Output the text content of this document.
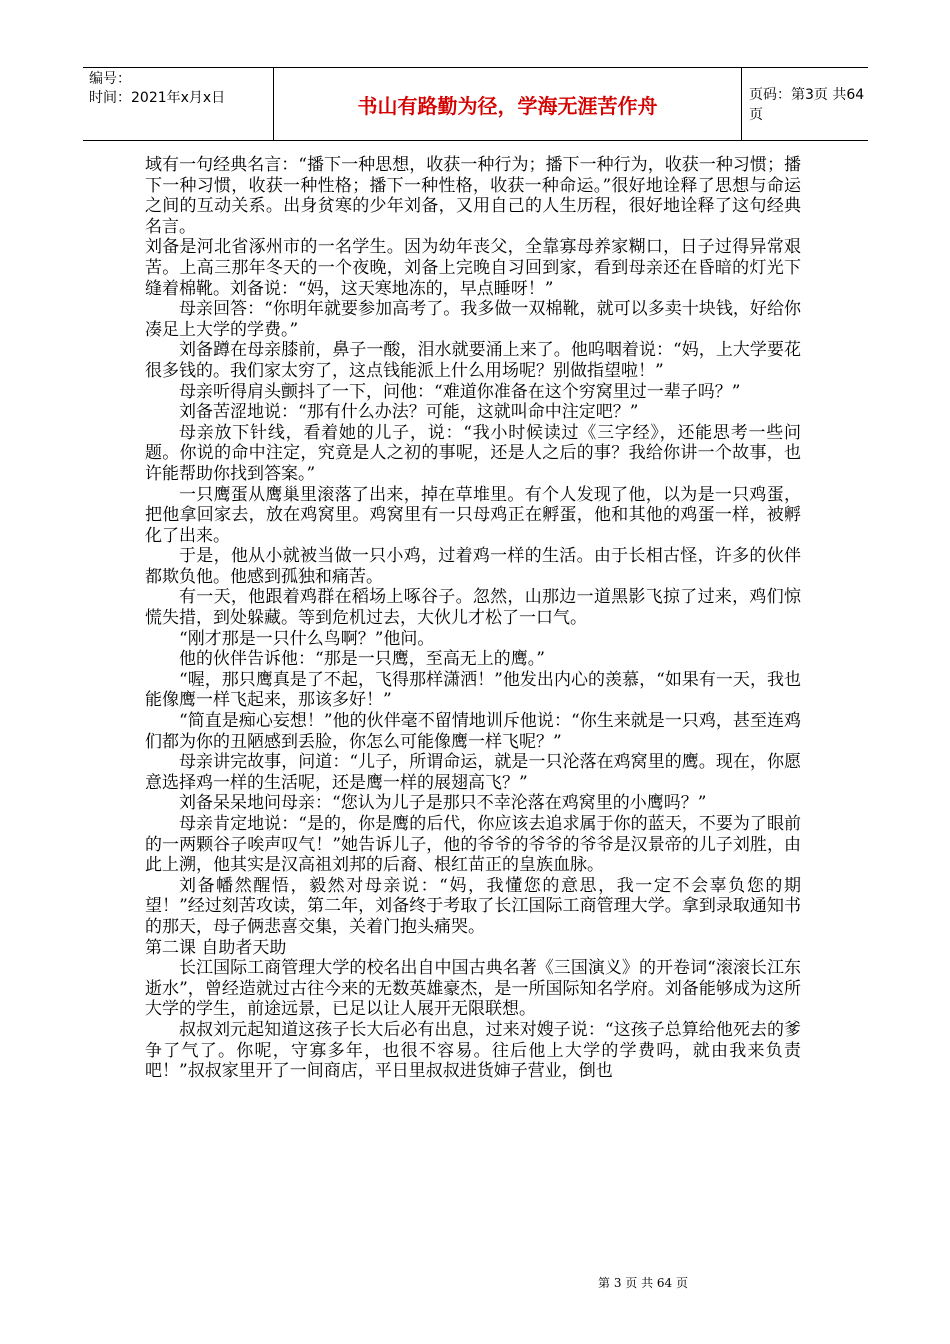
编号：
时间：2021年x月x日	书山有路勤为径，学海无涯苦作舟	页码：第3页 共64页

域有一句经典名言：“播下一种思想，收获一种行为；播下一种行为，收获一种习惯；播下一种习惯，收获一种性格；播下一种性格，收获一种命运。”很好地诠释了思想与命运之间的互动关系。出身贫寒的少年刘备，又用自己的人生历程，很好地诠释了这句经典名言。

刘备是河北省涿州市的一名学生。因为幼年丧父，全靠寡母养家糊口，日子过得异常艰苦。上高三那年冬天的一个夜晚，刘备上完晚自习回到家，看到母亲还在昏暗的灯光下缝着棉靴。刘备说：“妈，这天寒地冻的，早点睡呀！”

母亲回答：“你明年就要参加高考了。我多做一双棉靴，就可以多卖十块钱，好给你凑足上大学的学费。”

刘备蹲在母亲膝前，鼻子一酸，泪水就要涌上来了。他呜咽着说：“妈，上大学要花很多钱的。我们家太穷了，这点钱能派上什么用场呢？别做指望啦！”

母亲听得肩头颤抖了一下，问他：“难道你准备在这个穷窝里过一辈子吗？”

刘备苦涩地说：“那有什么办法？可能，这就叫命中注定吧？”

母亲放下针线，看着她的儿子，说：“我小时候读过《三字经》，还能思考一些问题。你说的命中注定，究竟是人之初的事呢，还是人之后的事？我给你讲一个故事，也许能帮助你找到答案。”

一只鹰蛋从鹰巢里滚落了出来，掉在草堆里。有个人发现了他，以为是一只鸡蛋，把他拿回家去，放在鸡窝里。鸡窝里有一只母鸡正在孵蛋，他和其他的鸡蛋一样，被孵化了出来。

于是，他从小就被当做一只小鸡，过着鸡一样的生活。由于长相古怪，许多的伙伴都欺负他。他感到孤独和痛苦。

有一天，他跟着鸡群在稻场上啄谷子。忽然，山那边一道黑影飞掠了过来，鸡们惊慌失措，到处躲藏。等到危机过去，大伙儿才松了一口气。

“刚才那是一只什么鸟啊？”他问。

他的伙伴告诉他：“那是一只鹰，至高无上的鹰。”

“喔，那只鹰真是了不起，飞得那样潇洒！”他发出内心的羡慕，“如果有一天，我也能像鹰一样飞起来，那该多好！”

“简直是痴心妄想！”他的伙伴毫不留情地训斥他说：“你生来就是一只鸡，甚至连鸡们都为你的丑陋感到丢脸，你怎么可能像鹰一样飞呢？”

母亲讲完故事，问道：“儿子，所谓命运，就是一只沦落在鸡窝里的鹰。现在，你愿意选择鸡一样的生活呢，还是鹰一样的展翅高飞？”

刘备呆呆地问母亲：“您认为儿子是那只不幸沦落在鸡窝里的小鹰吗？”

母亲肯定地说：“是的，你是鹰的后代，你应该去追求属于你的蓝天，不要为了眼前的一两颗谷子唉声叹气！”她告诉儿子，他的爷爷的爷爷的爷爷是汉景帝的儿子刘胜，由此上溯，他其实是汉高祖刘邦的后裔、根红苗正的皇族血脉。

刘备幡然醒悟，毅然对母亲说：“妈，我懂您的意思，我一定不会辜负您的期望！”经过刻苦攻读，第二年，刘备终于考取了长江国际工商管理大学。拿到录取通知书的那天，母子俩悲喜交集，关着门抱头痛哭。

第二课 自助者天助

长江国际工商管理大学的校名出自中国古典名著《三国演义》的开卷词“滚滚长江东逝水”，曾经造就过古往今来的无数英雄豪杰，是一所国际知名学府。刘备能够成为这所大学的学生，前途远景，已足以让人展开无限联想。

叔叔刘元起知道这孩子长大后必有出息，过来对嫂子说：“这孩子总算给他死去的爹争了气了。你呢，守寡多年，也很不容易。往后他上大学的学费吗，就由我来负责吧！”叔叔家里开了一间商店，平日里叔叔进货婶子营业，倒也

第 3 页 共 64 页
